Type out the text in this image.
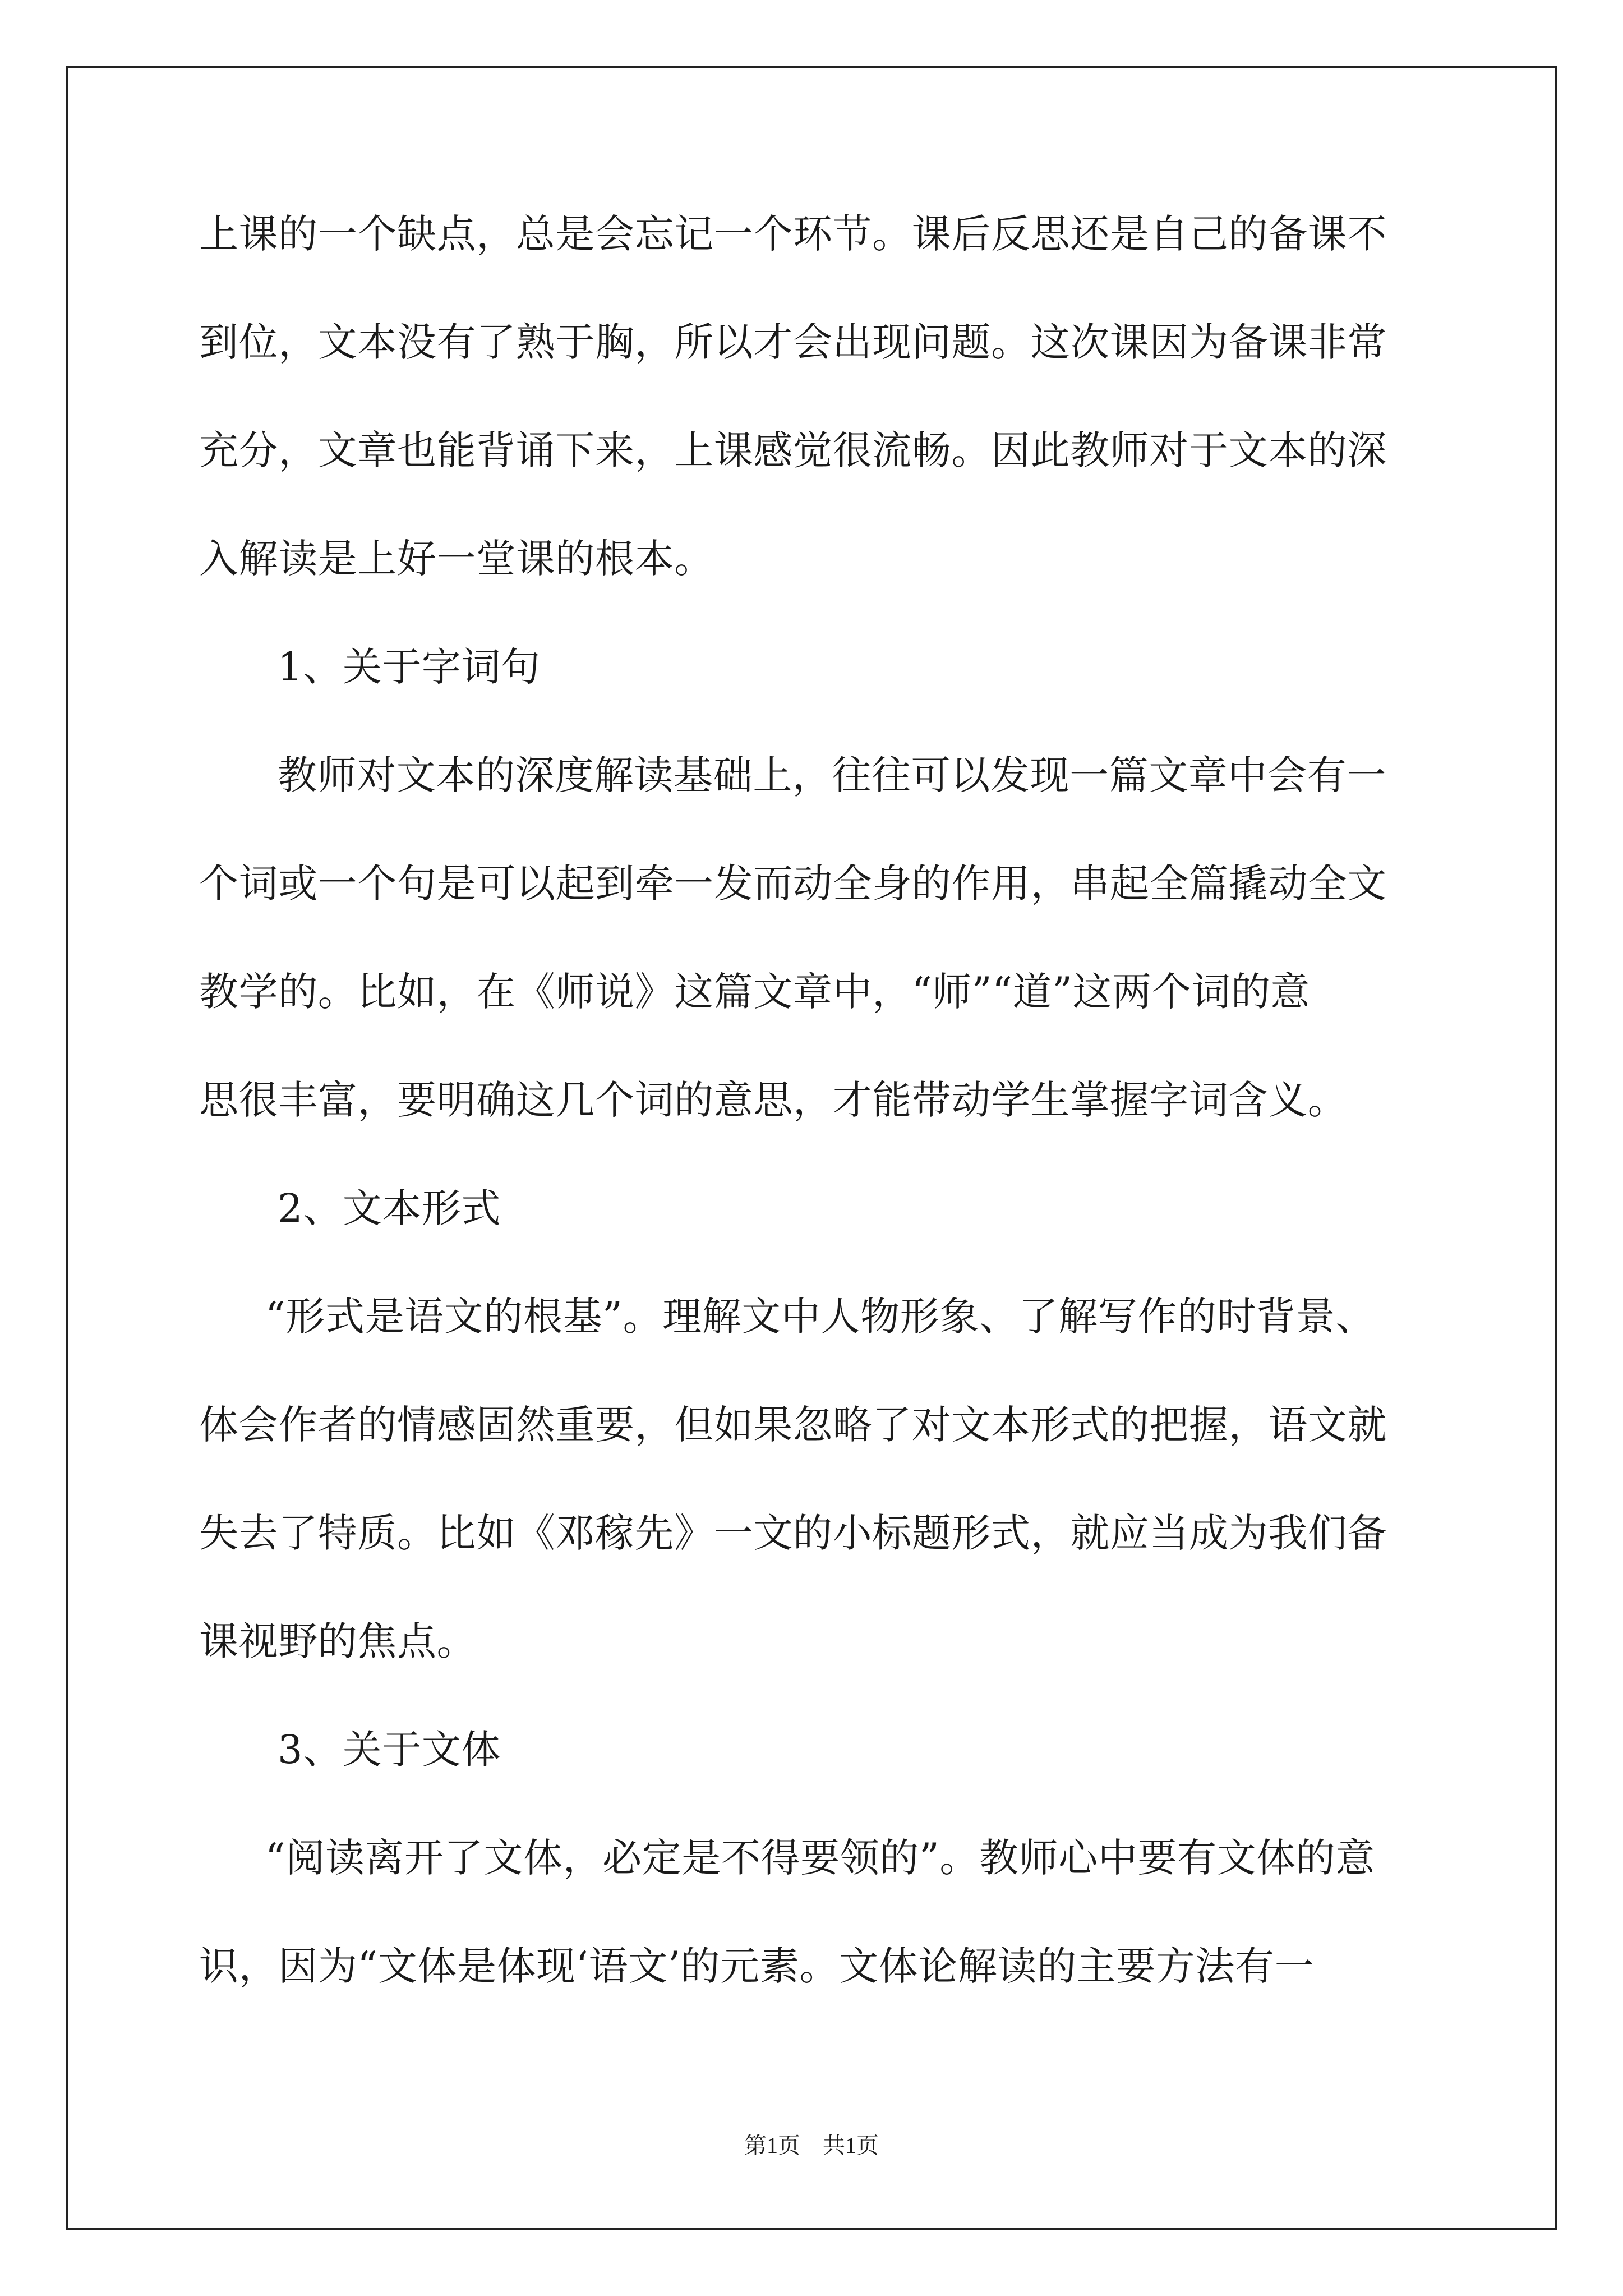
上课的一个缺点，总是会忘记一个环节。课后反思还是自己的备课不
到位，文本没有了熟于胸，所以才会出现问题。这次课因为备课非常
充分，文章也能背诵下来，上课感觉很流畅。因此教师对于文本的深
入解读是上好一堂课的根本。
1、关于字词句
教师对文本的深度解读基础上，往往可以发现一篇文章中会有一
个词或一个句是可以起到牵一发而动全身的作用，串起全篇撬动全文
教学的。比如，在《师说》这篇文章中，“师”“道”这两个词的意
思很丰富，要明确这几个词的意思，才能带动学生掌握字词含义。
2、文本形式
“形式是语文的根基”。理解文中人物形象、了解写作的时背景、
体会作者的情感固然重要，但如果忽略了对文本形式的把握，语文就
失去了特质。比如《邓稼先》一文的小标题形式，就应当成为我们备
课视野的焦点。
3、关于文体
“阅读离开了文体，必定是不得要领的”。教师心中要有文体的意
识，因为“文体是体现‘语文’的元素。文体论解读的主要方法有一
第1页 共1页
